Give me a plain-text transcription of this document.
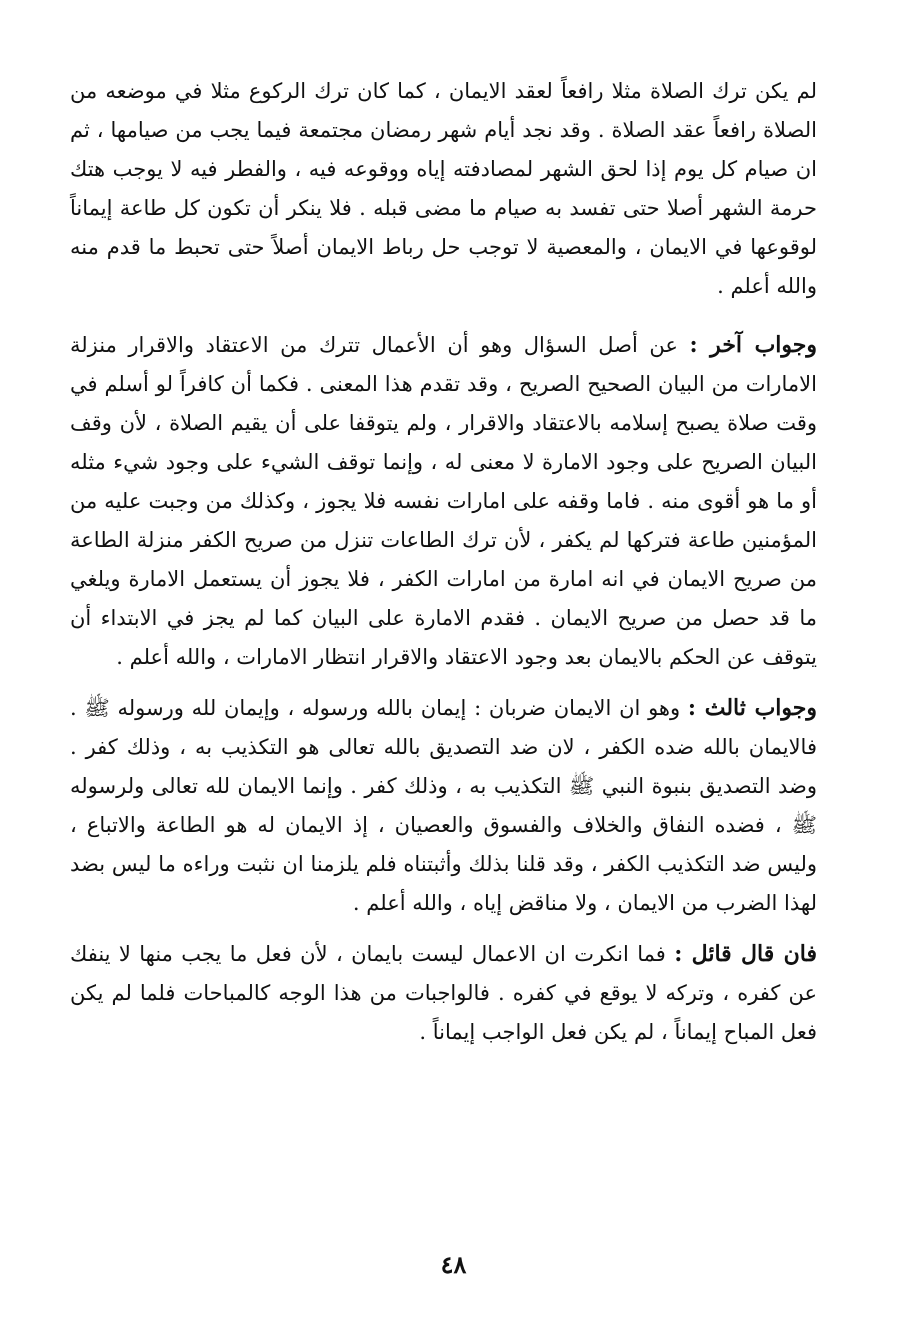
لم يكن ترك الصلاة مثلا رافعاً لعقد الايمان ، كما كان ترك الركوع مثلا في موضعه من الصلاة رافعاً عقد الصلاة . وقد نجد أيام شهر رمضان مجتمعة فيما يجب من صيامها ، ثم ان صيام كل يوم إذا لحق الشهر لمصادفته إياه ووقوعه فيه ، والفطر فيه لا يوجب هتك حرمة الشهر أصلا حتى تفسد به صيام ما مضى قبله . فلا ينكر أن تكون كل طاعة إيماناً لوقوعها في الايمان ، والمعصية لا توجب حل رباط الايمان أصلاً حتى تحبط ما قدم منه والله أعلم .

وجواب آخر : عن أصل السؤال وهو أن الأعمال تترك من الاعتقاد والاقرار منزلة الامارات من البيان الصحيح الصريح ، وقد تقدم هذا المعنى . فكما أن كافراً لو أسلم في وقت صلاة يصبح إسلامه بالاعتقاد والاقرار ، ولم يتوقفا على أن يقيم الصلاة ، لأن وقف البيان الصريح على وجود الامارة لا معنى له ، وإنما توقف الشيء على وجود شيء مثله أو ما هو أقوى منه . فاما وقفه على امارات نفسه فلا يجوز ، وكذلك من وجبت عليه من المؤمنين طاعة فتركها لم يكفر ، لأن ترك الطاعات تنزل من صريح الكفر منزلة الطاعة من صريح الايمان في انه امارة من امارات الكفر ، فلا يجوز أن يستعمل الامارة ويلغي ما قد حصل من صريح الايمان . فقدم الامارة على البيان كما لم يجز في الابتداء أن يتوقف عن الحكم بالايمان بعد وجود الاعتقاد والاقرار انتظار الامارات ، والله أعلم .

وجواب ثالث : وهو ان الايمان ضربان : إيمان بالله ورسوله ، وإيمان لله ورسوله ﷺ . فالايمان بالله ضده الكفر ، لان ضد التصديق بالله تعالى هو التكذيب به ، وذلك كفر . وضد التصديق بنبوة النبي ﷺ التكذيب به ، وذلك كفر . وإنما الايمان لله تعالى ولرسوله ﷺ ، فضده النفاق والخلاف والفسوق والعصيان ، إذ الايمان له هو الطاعة والاتباع ، وليس ضد التكذيب الكفر ، وقد قلنا بذلك وأثبتناه فلم يلزمنا ان نثبت وراءه ما ليس بضد لهذا الضرب من الايمان ، ولا مناقض إياه ، والله أعلم .

فان قال قائل : فما انكرت ان الاعمال ليست بايمان ، لأن فعل ما يجب منها لا ينفك عن كفره ، وتركه لا يوقع في كفره . فالواجبات من هذا الوجه كالمباحات فلما لم يكن فعل المباح إيماناً ، لم يكن فعل الواجب إيماناً .

٤٨
